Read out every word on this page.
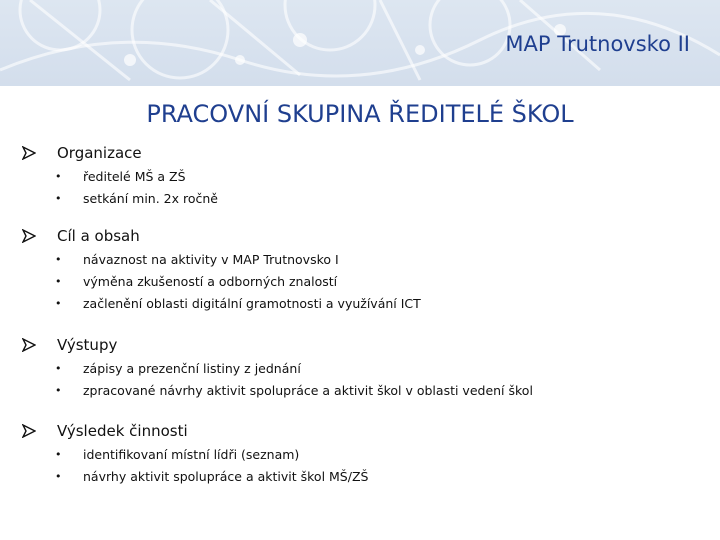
MAP Trutnovsko II
PRACOVNÍ SKUPINA ŘEDITELÉ ŠKOL
Organizace
• ředitelé MŠ a ZŠ
• setkání min. 2x ročně
Cíl a obsah
• návaznost na aktivity v MAP Trutnovsko I
• výměna zkušeností a odborných znalostí
• začlenění oblasti digitální gramotnosti a využívání ICT
Výstupy
• zápisy a prezenční listiny z jednání
• zpracované návrhy aktivit spolupráce a aktivit škol v oblasti vedení škol
Výsledek činnosti
• identifikovaní místní lídři (seznam)
• návrhy aktivit spolupráce a aktivit škol MŠ/ZŠ
